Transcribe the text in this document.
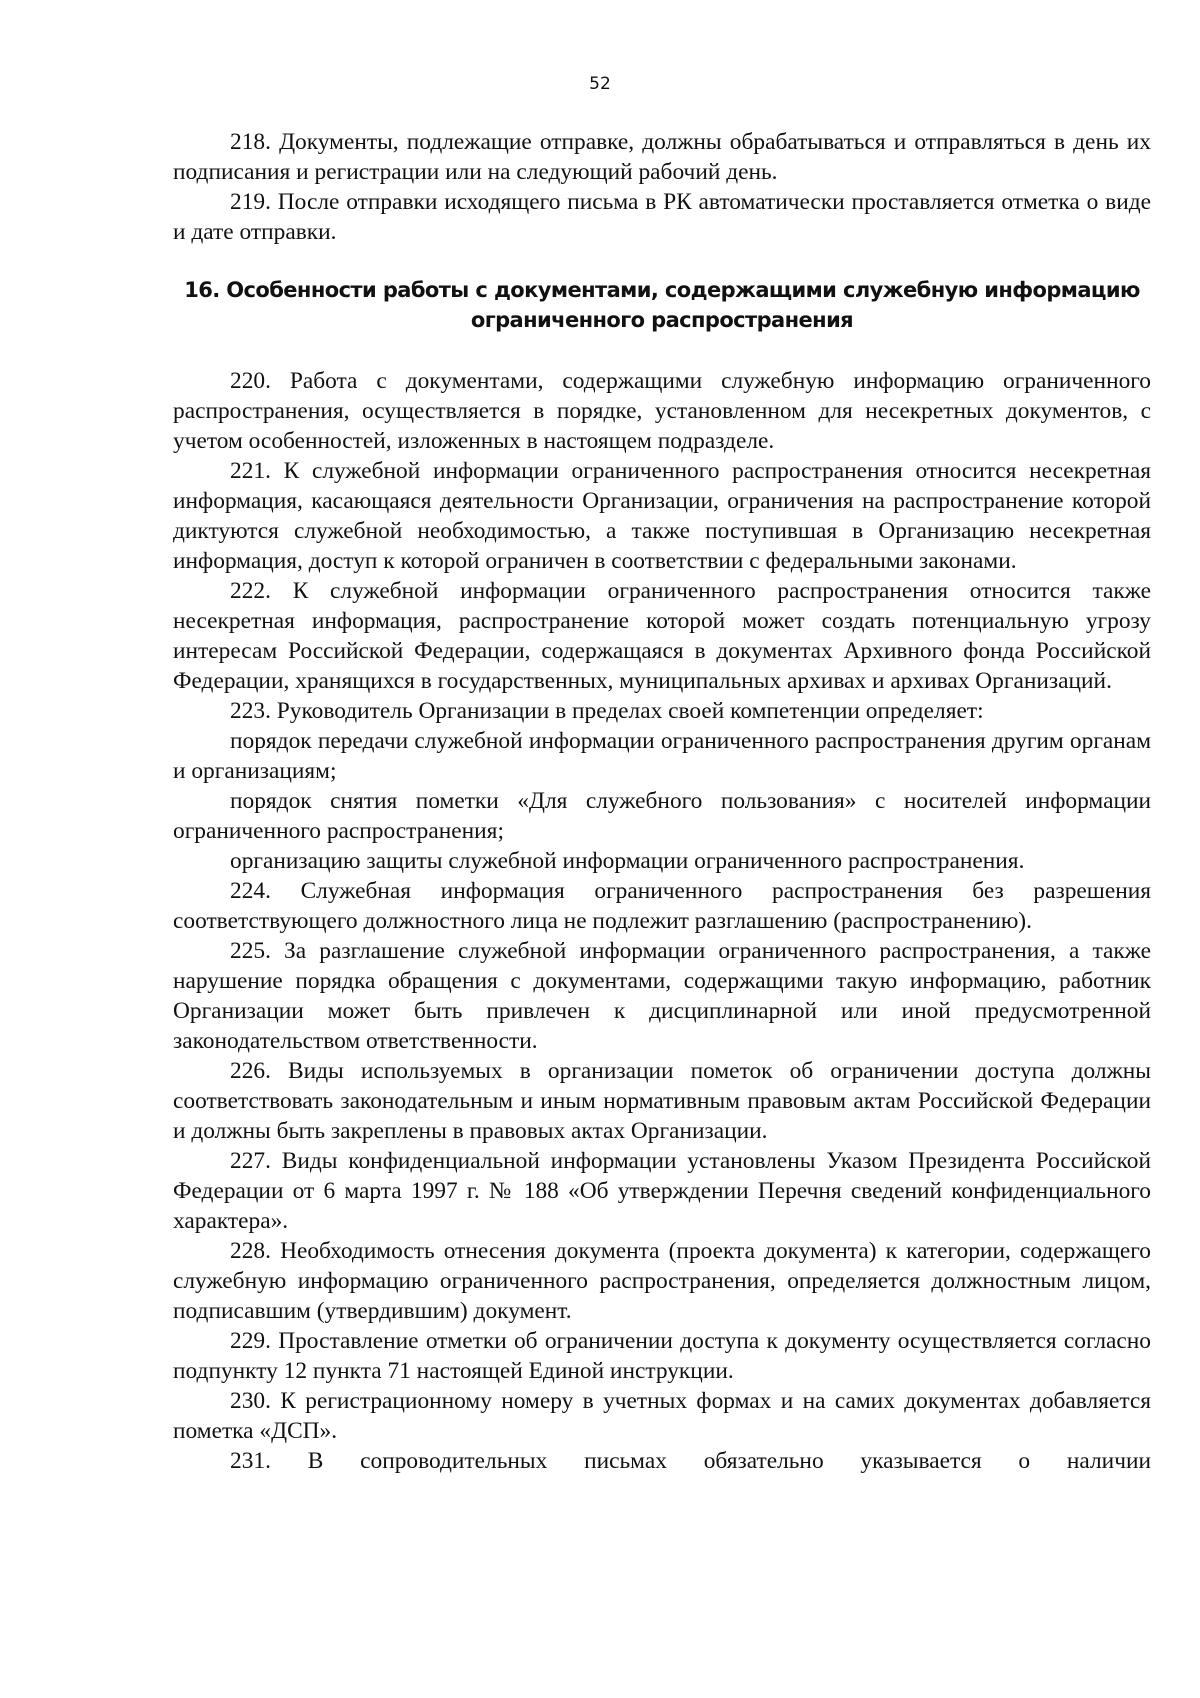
52

218. Документы, подлежащие отправке, должны обрабатываться и отправляться в день их подписания и регистрации или на следующий рабочий день.

219. После отправки исходящего письма в РК автоматически проставляется отметка о виде и дате отправки.

16. Особенности работы с документами, содержащими служебную информацию
ограниченного распространения

220. Работа с документами, содержащими служебную информацию ограниченного распространения, осуществляется в порядке, установленном для несекретных документов, с учетом особенностей, изложенных в настоящем подразделе.

221. К служебной информации ограниченного распространения относится несекретная информация, касающаяся деятельности Организации, ограничения на распространение которой диктуются служебной необходимостью, а также поступившая в Организацию несекретная информация, доступ к которой ограничен в соответствии с федеральными законами.

222. К служебной информации ограниченного распространения относится также несекретная информация, распространение которой может создать потенциальную угрозу интересам Российской Федерации, содержащаяся в документах Архивного фонда Российской Федерации, хранящихся в государственных, муниципальных архивах и архивах Организаций.

223. Руководитель Организации в пределах своей компетенции определяет:

порядок передачи служебной информации ограниченного распространения другим органам и организациям;

порядок снятия пометки «Для служебного пользования» с носителей информации ограниченного распространения;

организацию защиты служебной информации ограниченного распространения.

224. Служебная информация ограниченного распространения без разрешения соответствующего должностного лица не подлежит разглашению (распространению).

225. За разглашение служебной информации ограниченного распространения, а также нарушение порядка обращения с документами, содержащими такую информацию, работник Организации может быть привлечен к дисциплинарной или иной предусмотренной законодательством ответственности.

226. Виды используемых в организации пометок об ограничении доступа должны соответствовать законодательным и иным нормативным правовым актам Российской Федерации и должны быть закреплены в правовых актах Организации.

227. Виды конфиденциальной информации установлены Указом Президента Российской Федерации от 6 марта 1997 г. № 188 «Об утверждении Перечня сведений конфиденциального характера».

228. Необходимость отнесения документа (проекта документа) к категории, содержащего служебную информацию ограниченного распространения, определяется должностным лицом, подписавшим (утвердившим) документ.

229. Проставление отметки об ограничении доступа к документу осуществляется согласно подпункту 12 пункта 71 настоящей Единой инструкции.

230. К регистрационному номеру в учетных формах и на самих документах добавляется пометка «ДСП».

231. В сопроводительных письмах обязательно указывается о наличии
